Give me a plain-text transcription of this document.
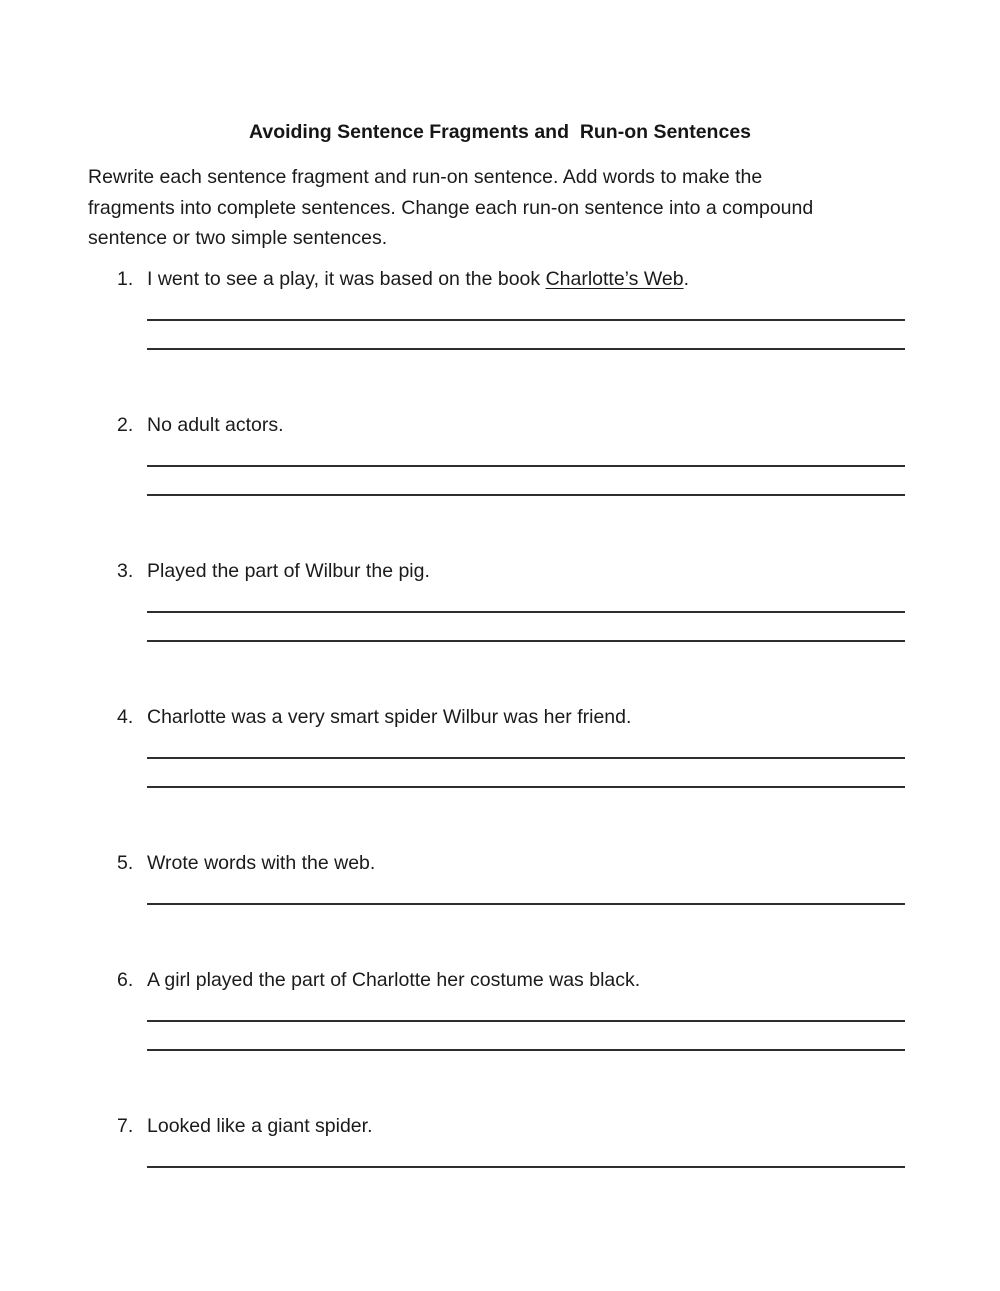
Avoiding Sentence Fragments and  Run-on Sentences
Rewrite each sentence fragment and run-on sentence. Add words to make the
fragments into complete sentences. Change each run-on sentence into a compound
sentence or two simple sentences.
1. I went to see a play, it was based on the book Charlotte’s Web.
2. No adult actors.
3. Played the part of Wilbur the pig.
4. Charlotte was a very smart spider Wilbur was her friend.
5. Wrote words with the web.
6. A girl played the part of Charlotte her costume was black.
7. Looked like a giant spider.
